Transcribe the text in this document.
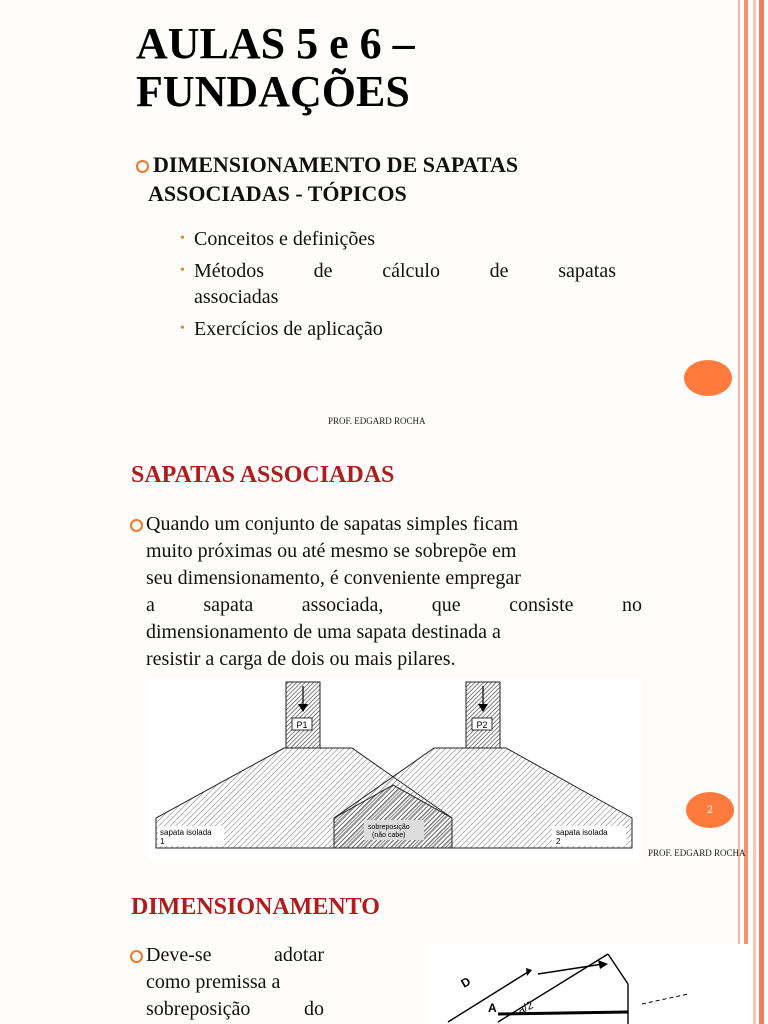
AULAS 5 e 6 –
FUNDAÇÕES
DIMENSIONAMENTO DE SAPATAS
ASSOCIADAS - TÓPICOS
• Conceitos e definições
• Métodos de cálculo de sapatas
associadas
• Exercícios de aplicação
PROF. EDGARD ROCHA
SAPATAS ASSOCIADAS
Quando um conjunto de sapatas simples ficam
muito próximas ou até mesmo se sobrepõe em
seu dimensionamento, é conveniente empregar
a sapata associada, que consiste no
dimensionamento de uma sapata destinada a
resistir a carga de dois ou mais pilares.
P1	P2
sapata isolada
1
sobreposição
(não cabe)	sapata isolada
2
2
PROF. EDGARD ROCHA
DIMENSIONAMENTO
Deve-se	adotar
como premissa a
sobreposição	do
D
A a/2
